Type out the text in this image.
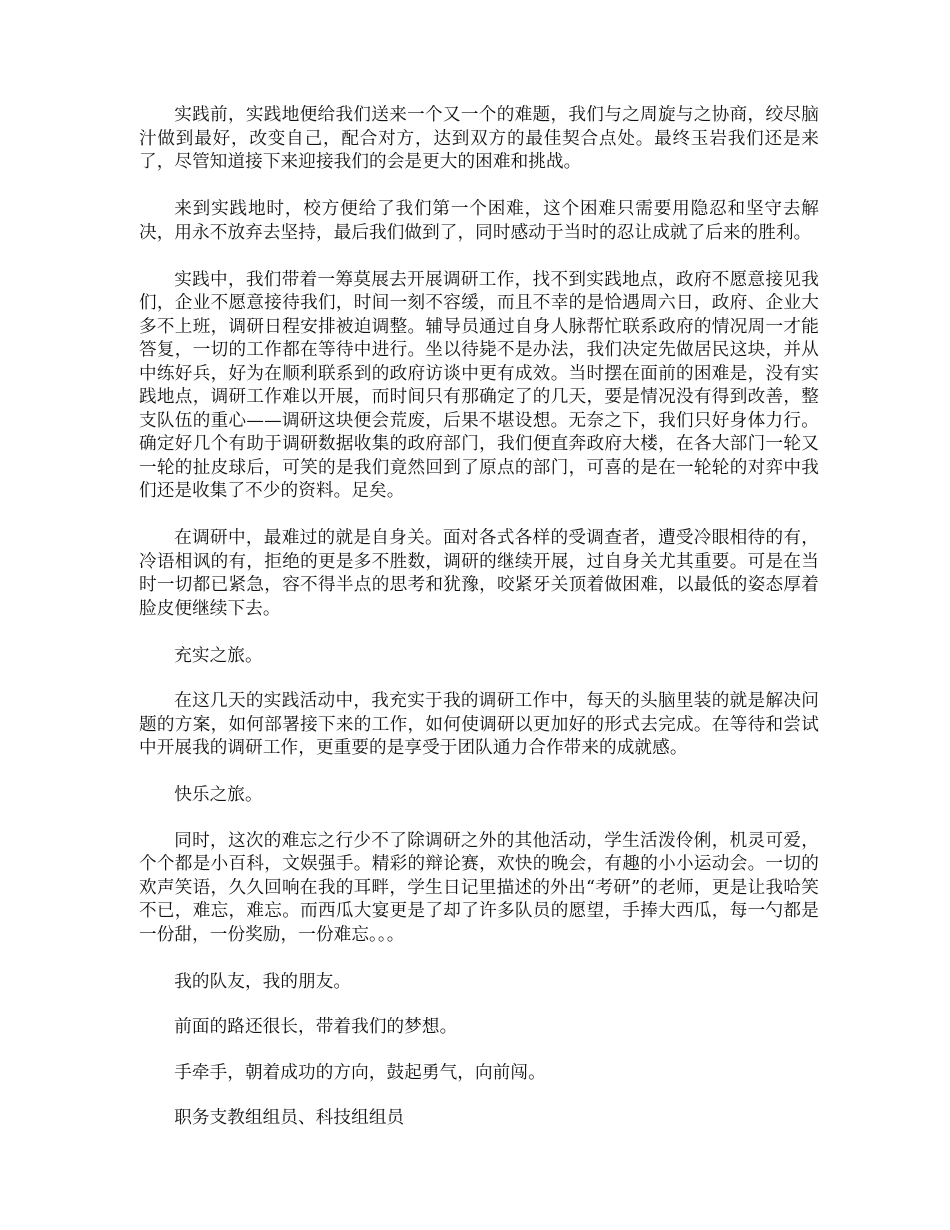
实践前，实践地便给我们送来一个又一个的难题，我们与之周旋与之协商，绞尽脑汁做到最好，改变自己，配合对方，达到双方的最佳契合点处。最终玉岩我们还是来了，尽管知道接下来迎接我们的会是更大的困难和挑战。

来到实践地时，校方便给了我们第一个困难，这个困难只需要用隐忍和坚守去解决，用永不放弃去坚持，最后我们做到了，同时感动于当时的忍让成就了后来的胜利。

实践中，我们带着一筹莫展去开展调研工作，找不到实践地点，政府不愿意接见我们，企业不愿意接待我们，时间一刻不容缓，而且不幸的是恰遇周六日，政府、企业大多不上班，调研日程安排被迫调整。辅导员通过自身人脉帮忙联系政府的情况周一才能答复，一切的工作都在等待中进行。坐以待毙不是办法，我们决定先做居民这块，并从中练好兵，好为在顺利联系到的政府访谈中更有成效。当时摆在面前的困难是，没有实践地点，调研工作难以开展，而时间只有那确定了的几天，要是情况没有得到改善，整支队伍的重心——调研这块便会荒废，后果不堪设想。无奈之下，我们只好身体力行。确定好几个有助于调研数据收集的政府部门，我们便直奔政府大楼，在各大部门一轮又一轮的扯皮球后，可笑的是我们竟然回到了原点的部门，可喜的是在一轮轮的对弈中我们还是收集了不少的资料。足矣。

在调研中，最难过的就是自身关。面对各式各样的受调查者，遭受冷眼相待的有，冷语相讽的有，拒绝的更是多不胜数，调研的继续开展，过自身关尤其重要。可是在当时一切都已紧急，容不得半点的思考和犹豫，咬紧牙关顶着做困难，以最低的姿态厚着脸皮便继续下去。

充实之旅。

在这几天的实践活动中，我充实于我的调研工作中，每天的头脑里装的就是解决问题的方案，如何部署接下来的工作，如何使调研以更加好的形式去完成。在等待和尝试中开展我的调研工作，更重要的是享受于团队通力合作带来的成就感。

快乐之旅。

同时，这次的难忘之行少不了除调研之外的其他活动，学生活泼伶俐，机灵可爱，个个都是小百科，文娱强手。精彩的辩论赛，欢快的晚会，有趣的小小运动会。一切的欢声笑语，久久回响在我的耳畔，学生日记里描述的外出“考研”的老师，更是让我哈笑不已，难忘，难忘。而西瓜大宴更是了却了许多队员的愿望，手捧大西瓜，每一勺都是一份甜，一份奖励，一份难忘。。。

我的队友，我的朋友。

前面的路还很长，带着我们的梦想。

手牵手，朝着成功的方向，鼓起勇气，向前闯。

职务支教组组员、科技组组员
